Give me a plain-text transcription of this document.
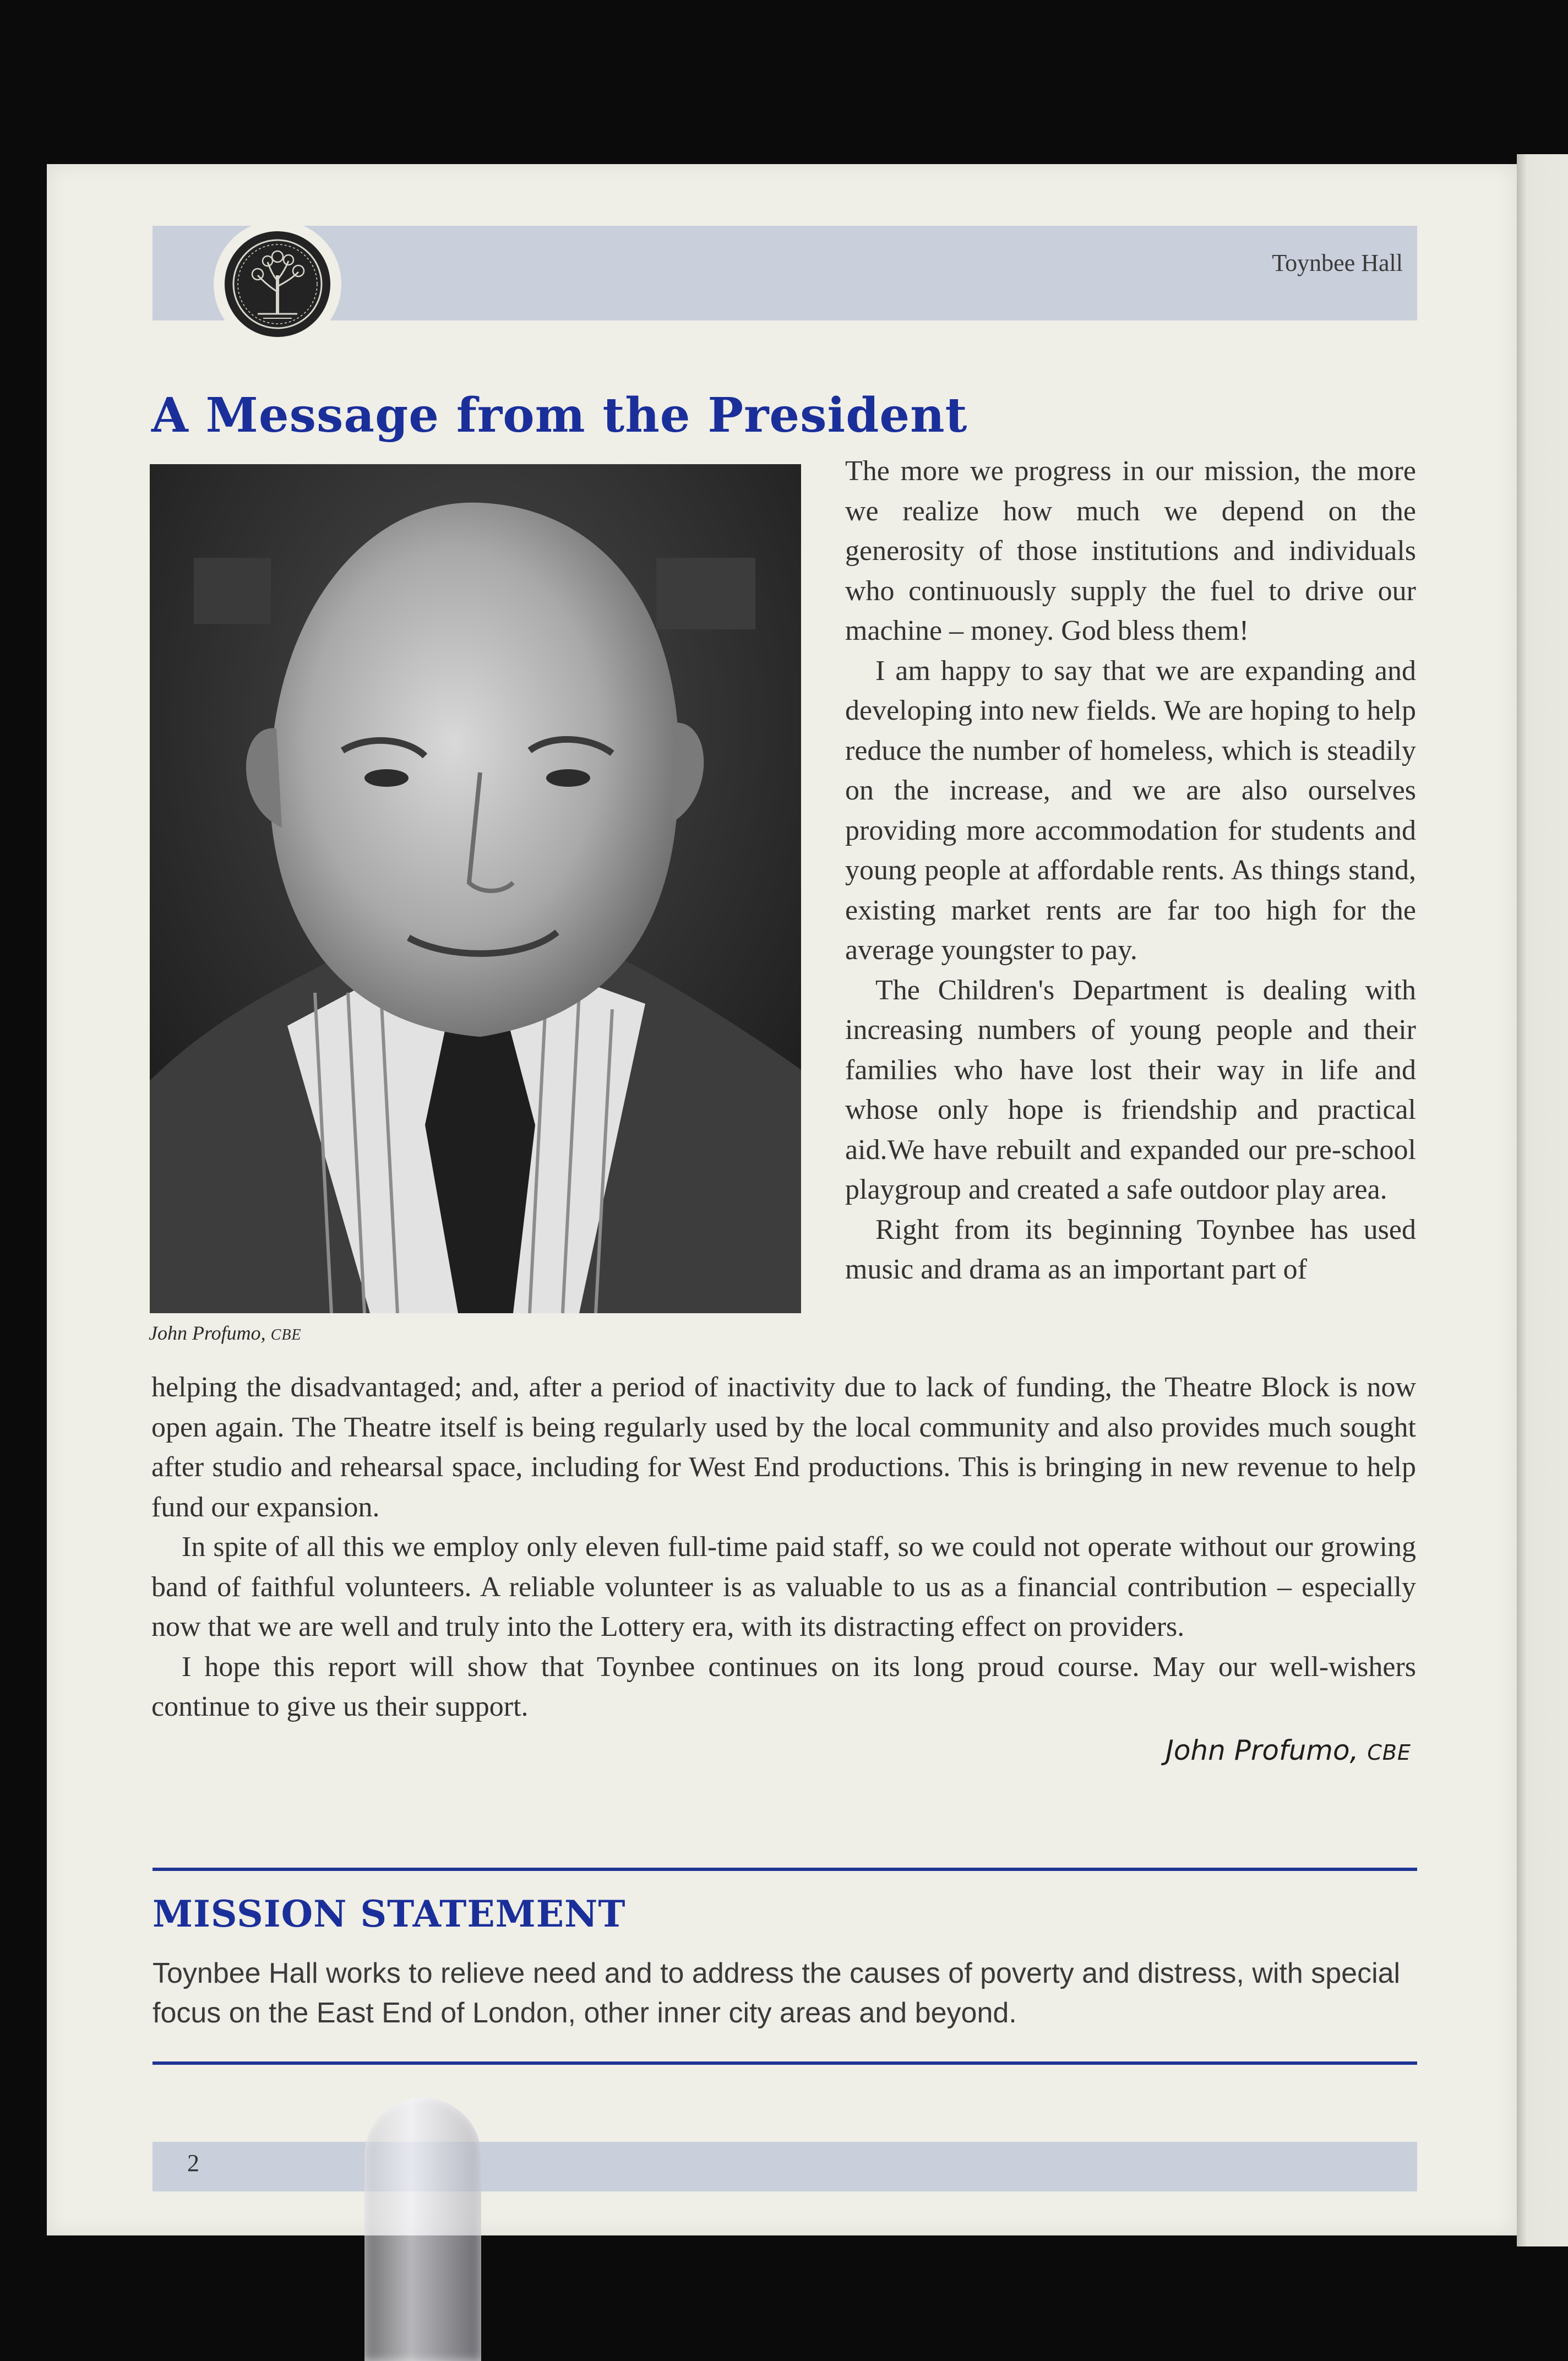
Toynbee Hall
A Message from the President
John Profumo, CBE

The more we progress in our mission, the more we realize how much we depend on the generosity of those institutions and individuals who continuously supply the fuel to drive our machine – money. God bless them!

I am happy to say that we are expanding and developing into new fields. We are hoping to help reduce the number of homeless, which is steadily on the increase, and we are also ourselves providing more accommodation for students and young people at affordable rents. As things stand, existing market rents are far too high for the average youngster to pay.

The Children's Department is dealing with increasing numbers of young people and their families who have lost their way in life and whose only hope is friendship and practical aid.We have rebuilt and expanded our pre-school playgroup and created a safe outdoor play area.

Right from its beginning Toynbee has used music and drama as an important part of

helping the disadvantaged; and, after a period of inactivity due to lack of funding, the Theatre Block is now open again. The Theatre itself is being regularly used by the local community and also provides much sought after studio and rehearsal space, including for West End productions. This is bringing in new revenue to help fund our expansion.

In spite of all this we employ only eleven full-time paid staff, so we could not operate without our growing band of faithful volunteers. A reliable volunteer is as valuable to us as a financial contribution – especially now that we are well and truly into the Lottery era, with its distracting effect on providers.

I hope this report will show that Toynbee continues on its long proud course. May our well-wishers continue to give us their support.

John Profumo, CBE
MISSION STATEMENT
Toynbee Hall works to relieve need and to address the causes of poverty and distress, with special focus on the East End of London, other inner city areas and beyond.
2
